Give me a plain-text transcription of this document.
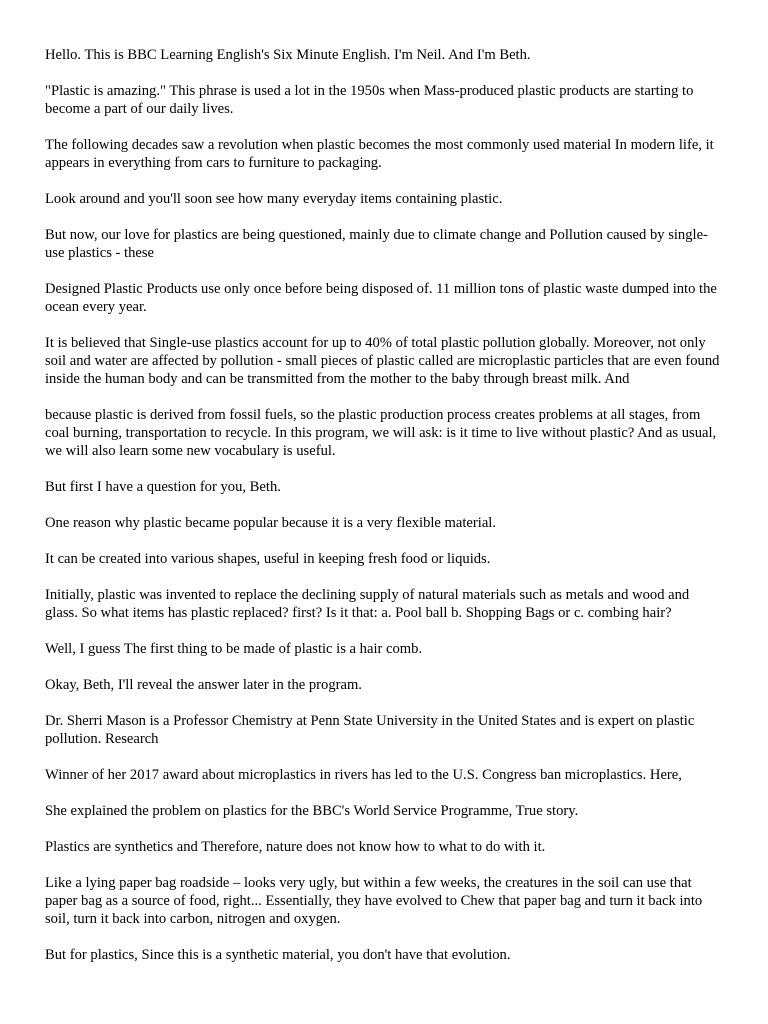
Hello. This is BBC Learning English's Six Minute English. I'm Neil. And I'm Beth.

"Plastic is amazing." This phrase is used a lot in the 1950s when Mass-produced plastic products are starting to become a part of our daily lives.

The following decades saw a revolution when plastic becomes the most commonly used material In modern life, it appears in everything from cars to furniture to packaging.

Look around and you'll soon see how many everyday items containing plastic.

But now, our love for plastics are being questioned, mainly due to climate change and Pollution caused by single-use plastics - these

Designed Plastic Products use only once before being disposed of. 11 million tons of plastic waste dumped into the ocean every year.

It is believed that Single-use plastics account for up to 40% of total plastic pollution globally. Moreover, not only soil and water are affected by pollution - small pieces of plastic called are microplastic particles that are even found inside the human body and can be transmitted from the mother to the baby through breast milk. And

because plastic is derived from fossil fuels, so the plastic production process creates problems at all stages, from coal burning, transportation to recycle. In this program, we will ask: is it time to live without plastic? And as usual, we will also learn some new vocabulary is useful.

But first I have a question for you, Beth.

One reason why plastic became popular because it is a very flexible material.

It can be created into various shapes, useful in keeping fresh food or liquids.

Initially, plastic was invented to replace the declining supply of natural materials such as metals and wood and glass. So what items has plastic replaced? first? Is it that: a. Pool ball b. Shopping Bags or c. combing hair?

Well, I guess The first thing to be made of plastic is a hair comb.

Okay, Beth, I'll reveal the answer later in the program.

Dr. Sherri Mason is a Professor Chemistry at Penn State University in the United States and is expert on plastic pollution. Research

Winner of her 2017 award about microplastics in rivers has led to the U.S. Congress ban microplastics. Here,

She explained the problem on plastics for the BBC's World Service Programme, True story.

Plastics are synthetics and Therefore, nature does not know how to what to do with it.

Like a lying paper bag roadside – looks very ugly, but within a few weeks, the creatures in the soil can use that paper bag as a source of food, right... Essentially, they have evolved to Chew that paper bag and turn it back into soil, turn it back into carbon, nitrogen and oxygen.

But for plastics, Since this is a synthetic material, you don't have that evolution.
